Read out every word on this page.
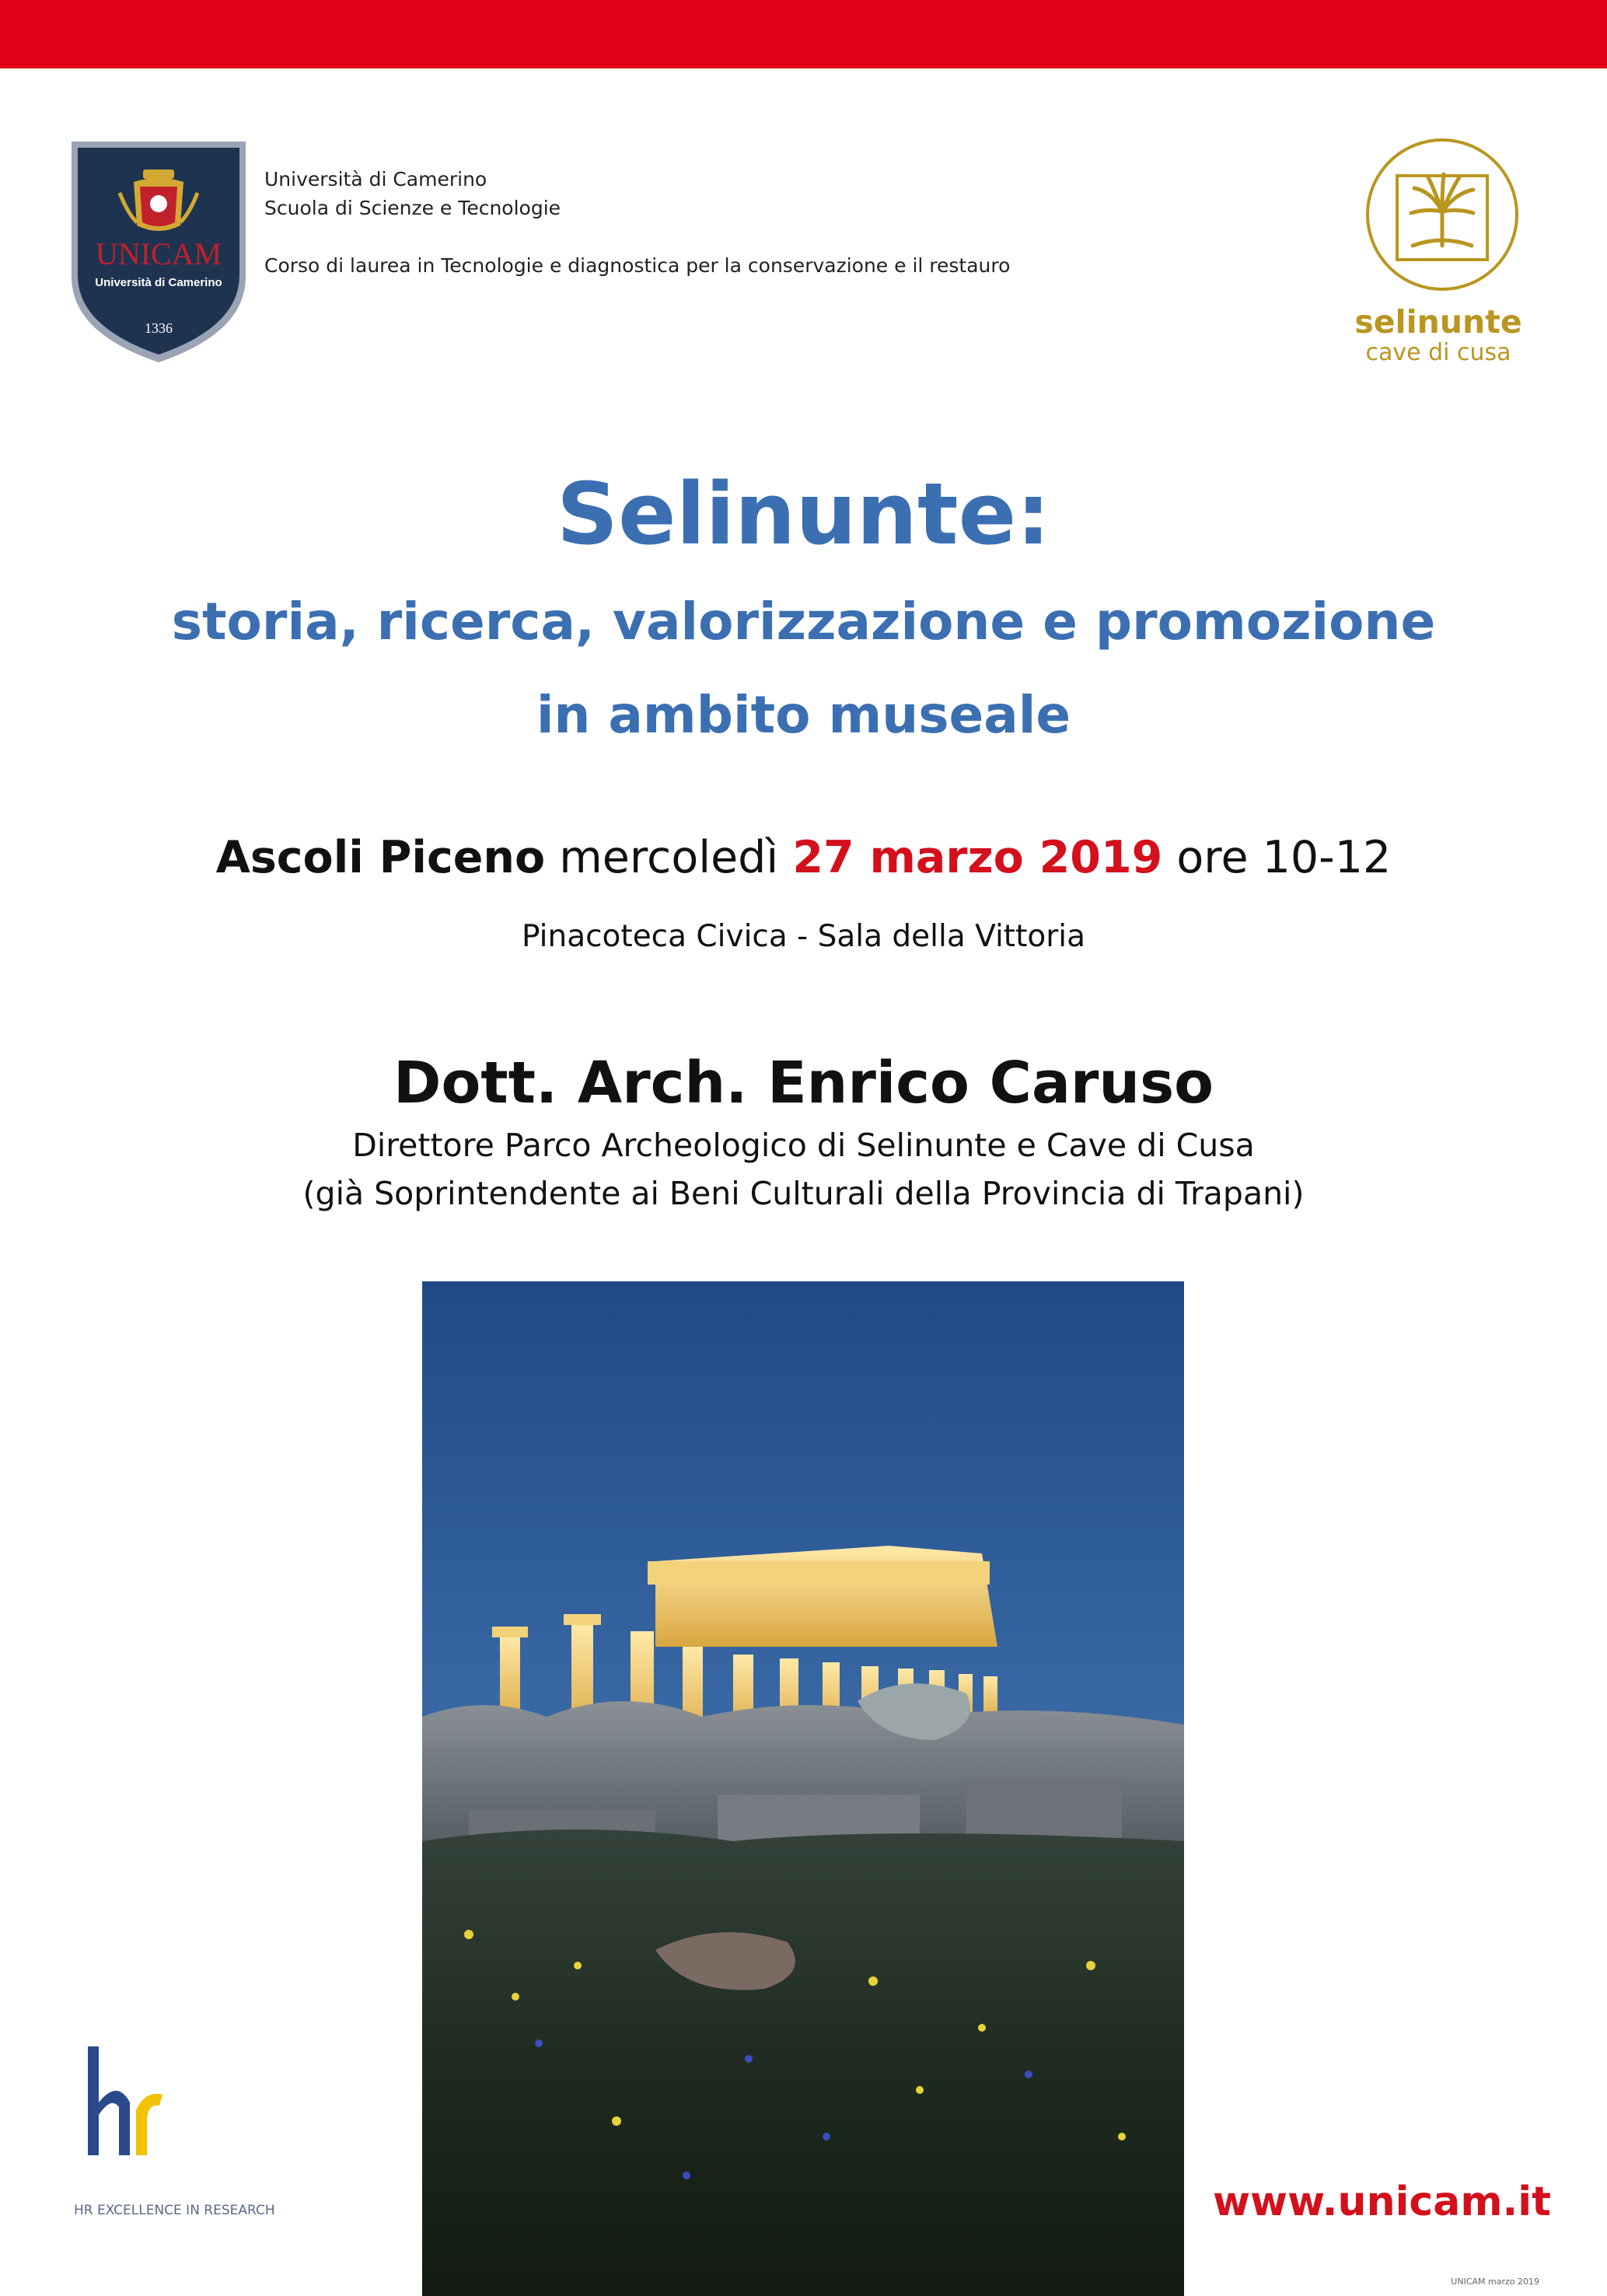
UNICAM
Università di Camerino
1336
Università di Camerino
Scuola di Scienze e Tecnologie
Corso di laurea in Tecnologie e diagnostica per la conservazione e il restauro
selinunte
cave di cusa
Selinunte:
storia, ricerca, valorizzazione e promozione
in ambito museale
Ascoli Piceno mercoledì 27 marzo 2019 ore 10-12
Pinacoteca Civica - Sala della Vittoria
Dott. Arch. Enrico Caruso
Direttore Parco Archeologico di Selinunte e Cave di Cusa
(già Soprintendente ai Beni Culturali della Provincia di Trapani)
HR EXCELLENCE IN RESEARCH	www.unicam.it
UNICAM marzo 2019
